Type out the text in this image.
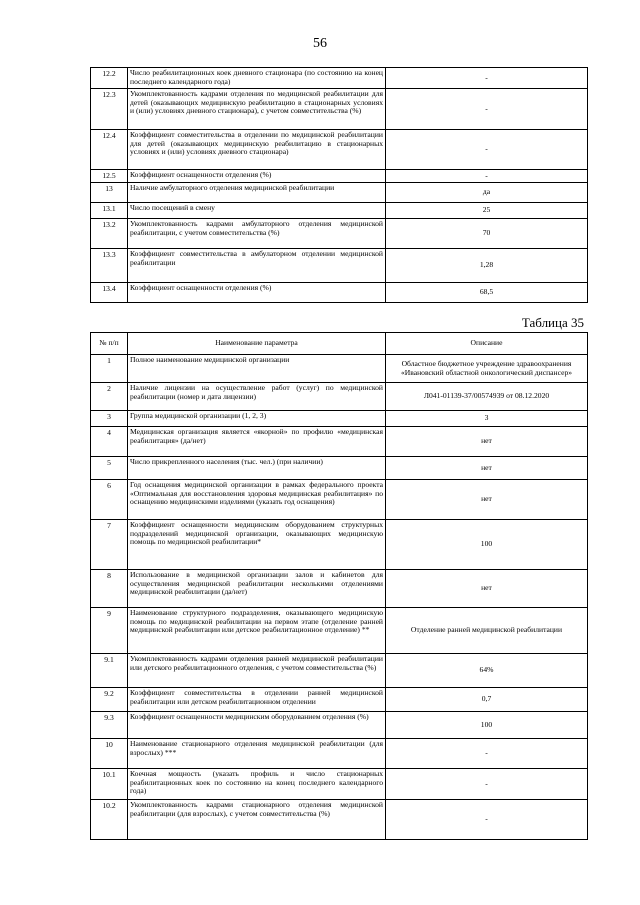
56
12.2	Число реабилитационных коек дневного стационара (по состоянию на конец последнего календарного года)	-
12.3	Укомплектованность кадрами отделения по медицинской реабилитации для детей (оказывающих медицинскую реабилитацию в стационарных условиях и (или) условиях дневного стационара), с учетом совместительства (%)	-
12.4	Коэффициент совместительства в отделении по медицинской реабилитации для детей (оказывающих медицинскую реабилитацию в стационарных условиях и (или) условиях дневного стационара)	-
12.5	Коэффициент оснащенности отделения (%)	-
13	Наличие амбулаторного отделения медицинской реабилитации	да
13.1	Число посещений в смену	25
13.2	Укомплектованность кадрами амбулаторного отделения медицинской реабилитации, с учетом совместительства (%)	70
13.3	Коэффициент совместительства в амбулаторном отделении медицинской реабилитации	1,28
13.4	Коэффициент оснащенности отделения (%)	68,5
Таблица 35
№ п/п	Наименование параметра	Описание
1	Полное наименование медицинской организации	Областное бюджетное учреждение здравоохранения «Ивановский областной онкологический диспансер»
2	Наличие лицензии на осуществление работ (услуг) по медицинской реабилитации (номер и дата лицензии)	Л041-01139-37/00574939 от 08.12.2020
3	Группа медицинской организации (1, 2, 3)	3
4	Медицинская организация является «якорной» по профилю «медицинская реабилитация» (да/нет)	нет
5	Число прикрепленного населения (тыс. чел.) (при наличии)	нет
6	Год оснащения медицинской организации в рамках федерального проекта «Оптимальная для восстановления здоровья медицинская реабилитация» по оснащению медицинскими изделиями (указать год оснащения)	нет
7	Коэффициент оснащенности медицинским оборудованием структурных подразделений медицинской организации, оказывающих медицинскую помощь по медицинской реабилитации*	100
8	Использование в медицинской организации залов и кабинетов для осуществления медицинской реабилитации несколькими отделениями медицинской реабилитации (да/нет)	нет
9	Наименование структурного подразделения, оказывающего медицинскую помощь по медицинской реабилитации на первом этапе (отделение ранней медицинской реабилитации или детское реабилитационное отделение) **	Отделение ранней медицинской реабилитации
9.1	Укомплектованность кадрами отделения ранней медицинской реабилитации или детского реабилитационного отделения, с учетом совместительства (%)	64%
9.2	Коэффициент совместительства в отделении ранней медицинской реабилитации или детском реабилитационном отделении	0,7
9.3	Коэффициент оснащенности медицинским оборудованием отделения (%)	100
10	Наименование стационарного отделения медицинской реабилитации (для взрослых) ***	-
10.1	Коечная мощность (указать профиль и число стационарных реабилитационных коек по состоянию на конец последнего календарного года)	-
10.2	Укомплектованность кадрами стационарного отделения медицинской реабилитации (для взрослых), с учетом совместительства (%)	-
